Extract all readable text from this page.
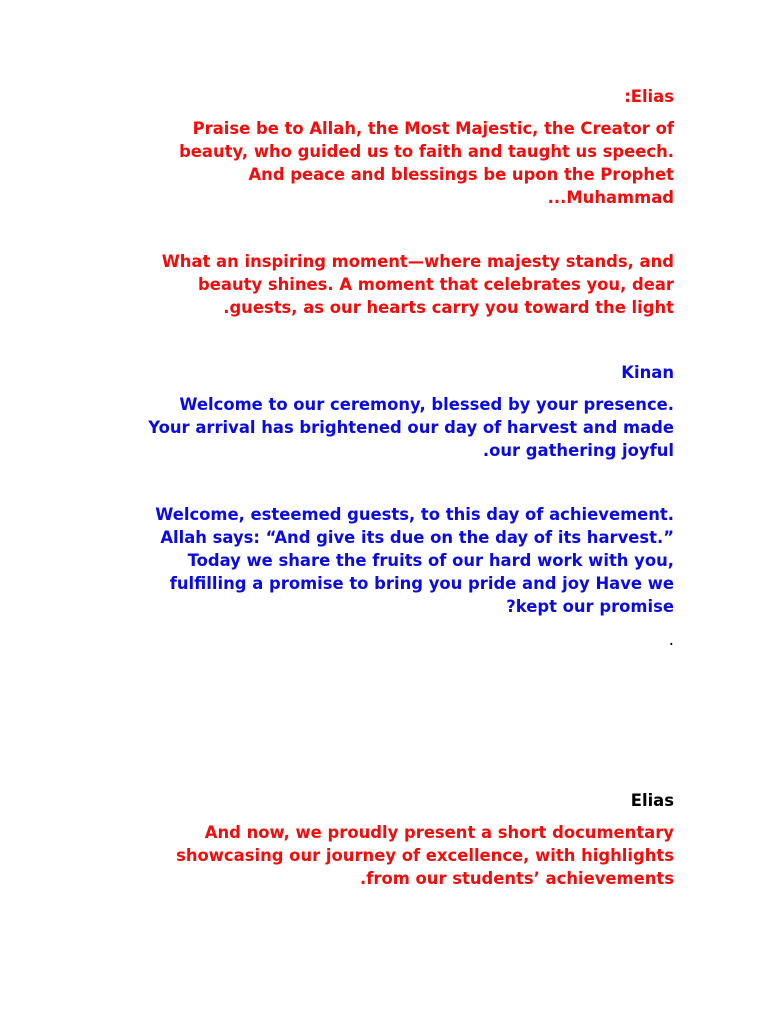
:Elias
Praise be to Allah, the Most Majestic, the Creator of
beauty, who guided us to faith and taught us speech.
And peace and blessings be upon the Prophet
...Muhammad
What an inspiring moment—where majesty stands, and
beauty shines. A moment that celebrates you, dear
.guests, as our hearts carry you toward the light
Kinan
Welcome to our ceremony, blessed by your presence.
Your arrival has brightened our day of harvest and made
.our gathering joyful
Welcome, esteemed guests, to this day of achievement.
Allah says: “And give its due on the day of its harvest.”
Today we share the fruits of our hard work with you,
fulfilling a promise to bring you pride and joy Have we
?kept our promise
.
Elias
And now, we proudly present a short documentary
showcasing our journey of excellence, with highlights
.from our students’ achievements
